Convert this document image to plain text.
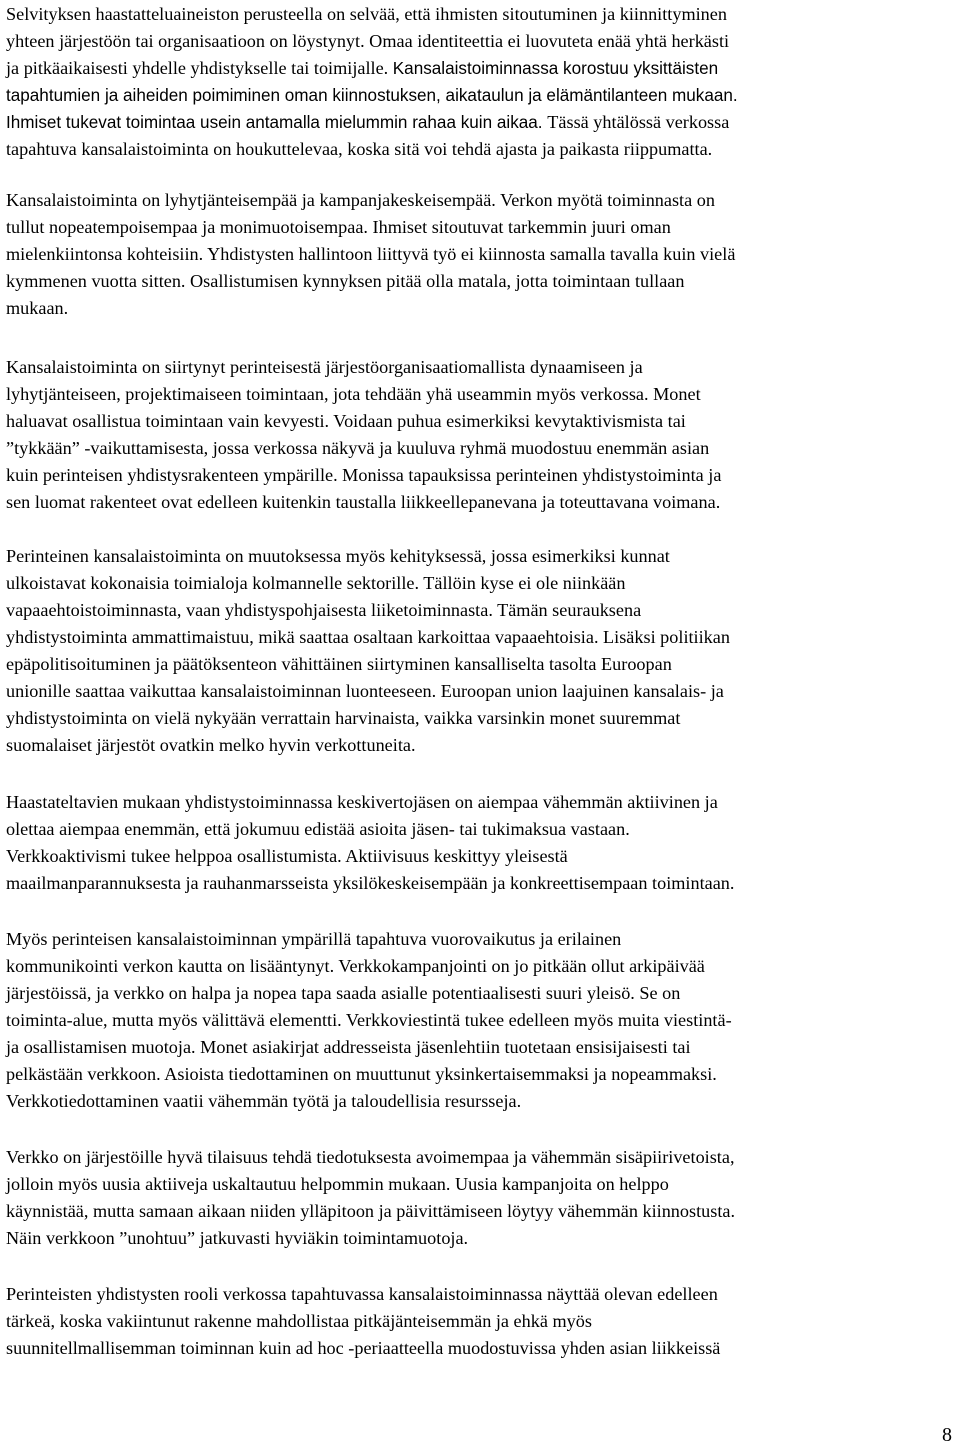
Selvityksen haastatteluaineiston perusteella on selvää, että ihmisten sitoutuminen ja kiinnittyminen
yhteen järjestöön tai organisaatioon on löystynyt. Omaa identiteettia ei luovuteta enää yhtä herkästi
ja pitkäaikaisesti yhdelle yhdistykselle tai toimijalle. Kansalaistoiminnassa korostuu yksittäisten
tapahtumien ja aiheiden poimiminen oman kiinnostuksen, aikataulun ja elämäntilanteen mukaan.
Ihmiset tukevat toimintaa usein antamalla mielummin rahaa kuin aikaa. Tässä yhtälössä verkossa
tapahtuva kansalaistoiminta on houkuttelevaa, koska sitä voi tehdä ajasta ja paikasta riippumatta.
Kansalaistoiminta on lyhytjänteisempää ja kampanjakeskeisempää. Verkon myötä toiminnasta on
tullut nopeatempoisempaa ja monimuotoisempaa. Ihmiset sitoutuvat tarkemmin juuri oman
mielenkiintonsa kohteisiin. Yhdistysten hallintoon liittyvä työ ei kiinnosta samalla tavalla kuin vielä
kymmenen vuotta sitten. Osallistumisen kynnyksen pitää olla matala, jotta toimintaan tullaan
mukaan.
Kansalaistoiminta on siirtynyt perinteisestä järjestöorganisaatiomallista dynaamiseen ja
lyhytjänteiseen, projektimaiseen toimintaan, jota tehdään yhä useammin myös verkossa. Monet
haluavat osallistua toimintaan vain kevyesti. Voidaan puhua esimerkiksi kevytaktivismista tai
”tykkään” -vaikuttamisesta, jossa verkossa näkyvä ja kuuluva ryhmä muodostuu enemmän asian
kuin perinteisen yhdistysrakenteen ympärille. Monissa tapauksissa perinteinen yhdistystoiminta ja
sen luomat rakenteet ovat edelleen kuitenkin taustalla liikkeellepanevana ja toteuttavana voimana.
Perinteinen kansalaistoiminta on muutoksessa myös kehityksessä, jossa esimerkiksi kunnat
ulkoistavat kokonaisia toimialoja kolmannelle sektorille. Tällöin kyse ei ole niinkään
vapaaehtoistoiminnasta, vaan yhdistyspohjaisesta liiketoiminnasta. Tämän seurauksena
yhdistystoiminta ammattimaistuu, mikä saattaa osaltaan karkoittaa vapaaehtoisia. Lisäksi politiikan
epäpolitisoituminen ja päätöksenteon vähittäinen siirtyminen kansalliselta tasolta Euroopan
unionille saattaa vaikuttaa kansalaistoiminnan luonteeseen. Euroopan union laajuinen kansalais- ja
yhdistystoiminta on vielä nykyään verrattain harvinaista, vaikka varsinkin monet suuremmat
suomalaiset järjestöt ovatkin melko hyvin verkottuneita.
Haastateltavien mukaan yhdistystoiminnassa keskivertojäsen on aiempaa vähemmän aktiivinen ja
olettaa aiempaa enemmän, että jokumuu edistää asioita jäsen- tai tukimaksua vastaan.
Verkkoaktivismi tukee helppoa osallistumista. Aktiivisuus keskittyy yleisestä
maailmanparannuksesta ja rauhanmarsseista yksilökeskeisempään ja konkreettisempaan toimintaan.
Myös perinteisen kansalaistoiminnan ympärillä tapahtuva vuorovaikutus ja erilainen
kommunikointi verkon kautta on lisääntynyt. Verkkokampanjointi on jo pitkään ollut arkipäivää
järjestöissä, ja verkko on halpa ja nopea tapa saada asialle potentiaalisesti suuri yleisö. Se on
toiminta-alue, mutta myös välittävä elementti. Verkkoviestintä tukee edelleen myös muita viestintä-
ja osallistamisen muotoja. Monet asiakirjat addresseista jäsenlehtiin tuotetaan ensisijaisesti tai
pelkästään verkkoon. Asioista tiedottaminen on muuttunut yksinkertaisemmaksi ja nopeammaksi.
Verkkotiedottaminen vaatii vähemmän työtä ja taloudellisia resursseja.
Verkko on järjestöille hyvä tilaisuus tehdä tiedotuksesta avoimempaa ja vähemmän sisäpiirivetoista,
jolloin myös uusia aktiiveja uskaltautuu helpommin mukaan. Uusia kampanjoita on helppo
käynnistää, mutta samaan aikaan niiden ylläpitoon ja päivittämiseen löytyy vähemmän kiinnostusta.
Näin verkkoon ”unohtuu” jatkuvasti hyviäkin toimintamuotoja.
Perinteisten yhdistysten rooli verkossa tapahtuvassa kansalaistoiminnassa näyttää olevan edelleen
tärkeä, koska vakiintunut rakenne mahdollistaa pitkäjänteisemmän ja ehkä myös
suunnitellmallisemman toiminnan kuin ad hoc -periaatteella muodostuvissa yhden asian liikkeissä
8
